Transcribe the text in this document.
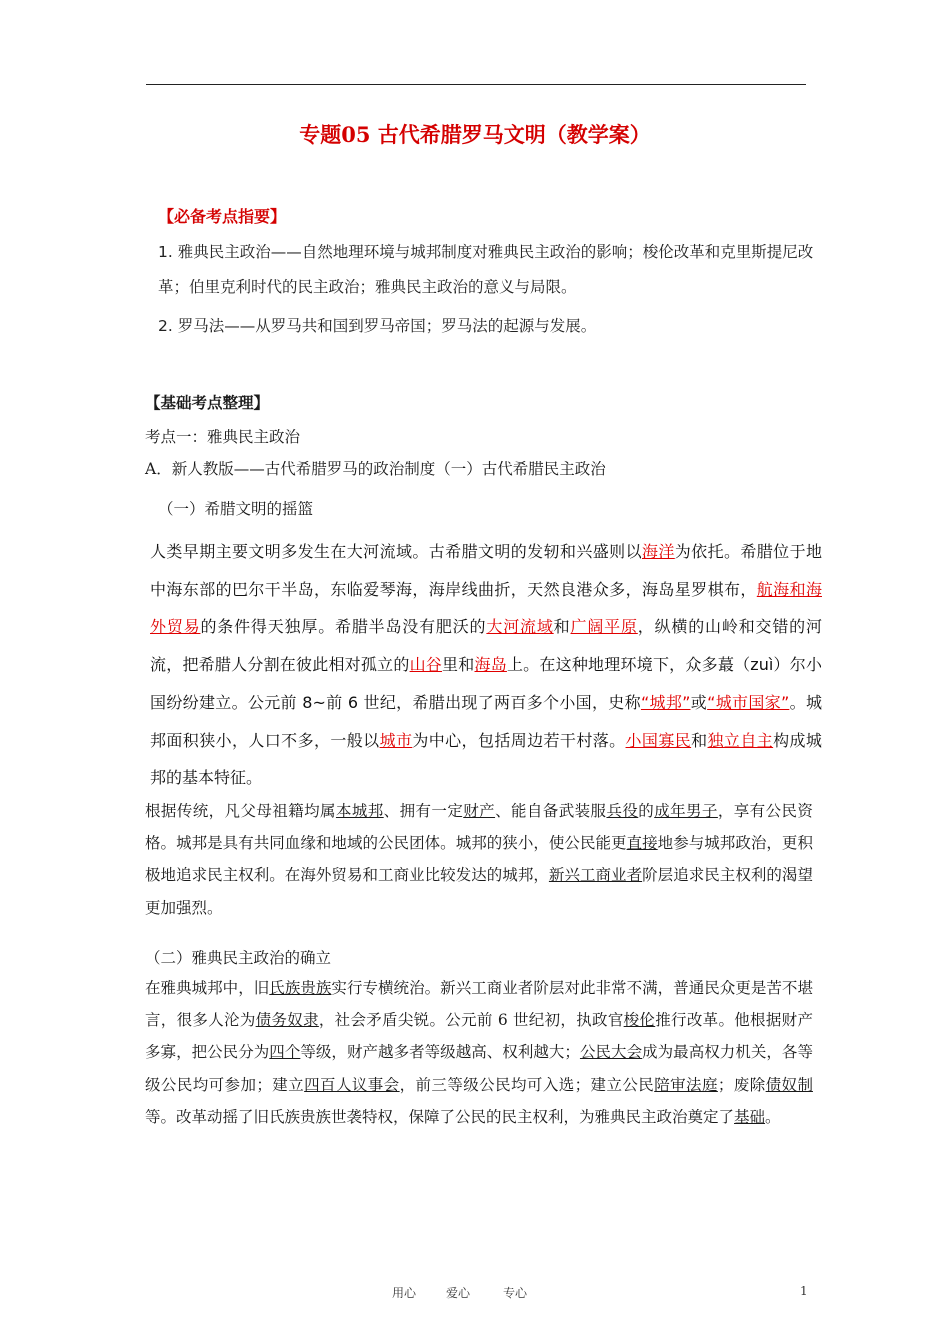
专题05 古代希腊罗马文明（教学案）
【必备考点指要】

1. 雅典民主政治——自然地理环境与城邦制度对雅典民主政治的影响；梭伦改革和克里斯提尼改革；伯里克利时代的民主政治；雅典民主政治的意义与局限。

2. 罗马法——从罗马共和国到罗马帝国；罗马法的起源与发展。

【基础考点整理】
考点一：雅典民主政治
A．新人教版——古代希腊罗马的政治制度（一）古代希腊民主政治
（一）希腊文明的摇篮
人类早期主要文明多发生在大河流域。古希腊文明的发轫和兴盛则以海洋为依托。希腊位于地中海东部的巴尔干半岛，东临爱琴海，海岸线曲折，天然良港众多，海岛星罗棋布，航海和海外贸易的条件得天独厚。希腊半岛没有肥沃的大河流域和广阔平原，纵横的山岭和交错的河流，把希腊人分割在彼此相对孤立的山谷里和海岛上。在这种地理环境下，众多蕞（zuì）尔小国纷纷建立。公元前 8~前 6 世纪，希腊出现了两百多个小国，史称“城邦”或“城市国家”。城邦面积狭小，人口不多，一般以城市为中心，包括周边若干村落。小国寡民和独立自主构成城邦的基本特征。
根据传统，凡父母祖籍均属本城邦、拥有一定财产、能自备武装服兵役的成年男子，享有公民资格。城邦是具有共同血缘和地域的公民团体。城邦的狭小，使公民能更直接地参与城邦政治，更积极地追求民主权利。在海外贸易和工商业比较发达的城邦，新兴工商业者阶层追求民主权利的渴望更加强烈。
（二）雅典民主政治的确立
在雅典城邦中，旧氏族贵族实行专横统治。新兴工商业者阶层对此非常不满，普通民众更是苦不堪言，很多人沦为债务奴隶，社会矛盾尖锐。公元前 6 世纪初，执政官梭伦推行改革。他根据财产多寡，把公民分为四个等级，财产越多者等级越高、权利越大；公民大会成为最高权力机关，各等级公民均可参加；建立四百人议事会，前三等级公民均可入选；建立公民陪审法庭；废除债奴制等。改革动摇了旧氏族贵族世袭特权，保障了公民的民主权利，为雅典民主政治奠定了基础。
用心 爱心	专心	1
